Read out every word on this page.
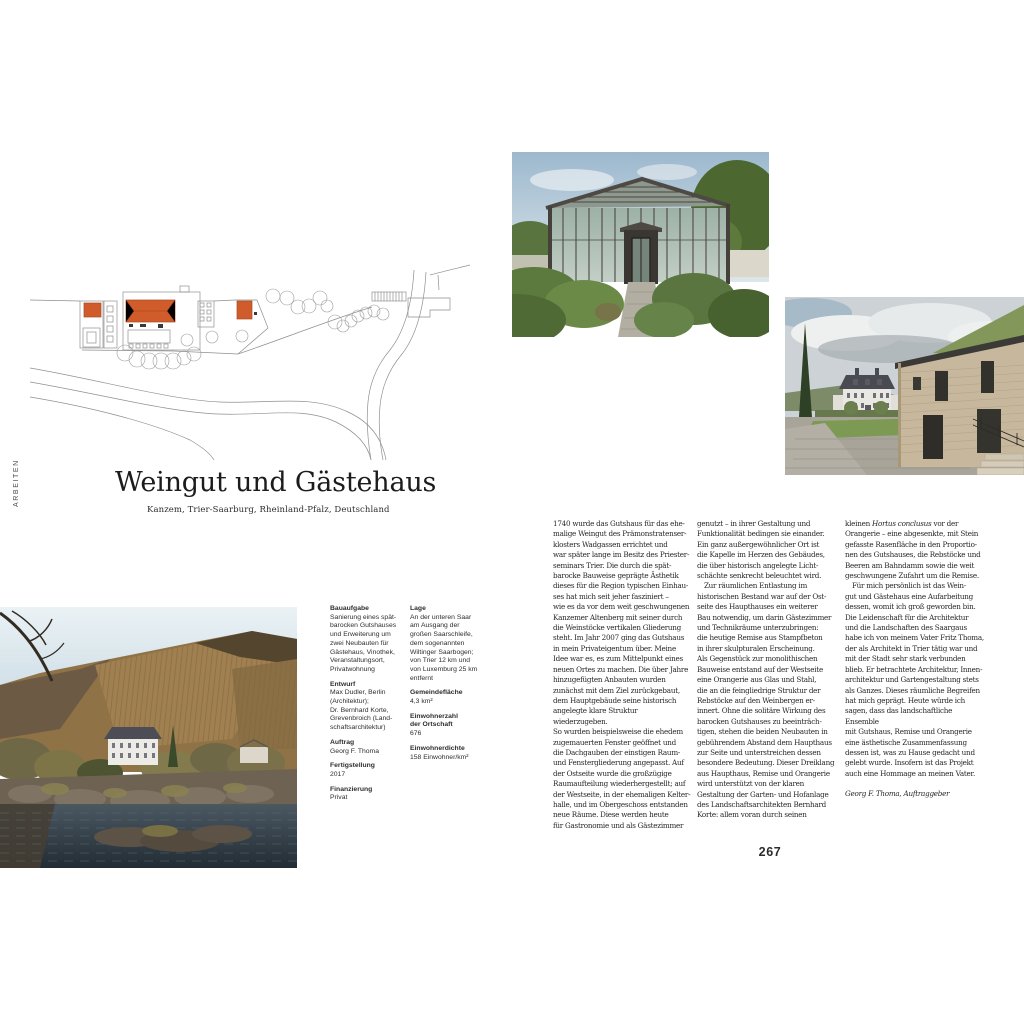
ARBEITEN	Weingut und Gästehaus
Kanzem, Trier-Saarburg, Rheinland-Pfalz, Deutschland
Bauaufgabe
Sanierung eines spät-
barocken Gutshauses
und Erweiterung um
zwei Neubauten für
Gästehaus, Vinothek,
Veranstaltungsort,
Privatwohnung
Entwurf
Max Dudler, Berlin
(Architektur);
Dr. Bernhard Korte,
Grevenbroich (Land-
schaftsarchitektur)
Auftrag
Georg F. Thoma
Fertigstellung
2017
Finanzierung
Privat
Lage
An der unteren Saar
am Ausgang der
großen Saarschleife,
dem sogenannten
Wiltinger Saarbogen;
von Trier 12 km und
von Luxemburg 25 km
entfernt
Gemeindefläche
4,3 km²
Einwohnerzahl
der Ortschaft
676
Einwohnerdichte
158 Einwohner/km²
1740 wurde das Gutshaus für das ehe-
malige Weingut des Prämonstratenser-
klosters Wadgassen errichtet und
war später lange im Besitz des Priester-
seminars Trier. Die durch die spät-
barocke Bauweise geprägte Ästhetik
dieses für die Region typischen Einhau-
ses hat mich seit jeher fasziniert –
wie es da vor dem weit geschwungenen
Kanzemer Altenberg mit seiner durch
die Weinstöcke vertikalen Gliederung
steht. Im Jahr 2007 ging das Gutshaus
in mein Privateigentum über. Meine
Idee war es, es zum Mittelpunkt eines
neuen Ortes zu machen. Die über Jahre
hinzugefügten Anbauten wurden
zunächst mit dem Ziel zurückgebaut,
dem Hauptgebäude seine historisch
angelegte klare Struktur wiederzugeben.
So wurden beispielsweise die ehedem
zugemauerten Fenster geöffnet und
die Dachgauben der einstigen Raum-
und Fenstergliederung angepasst. Auf
der Ostseite wurde die großzügige
Raumaufteilung wiederhergestellt; auf
der Westseite, in der ehemaligen Kelter-
halle, und im Obergeschoss entstanden
neue Räume. Diese werden heute
für Gastronomie und als Gästezimmer
genutzt – in ihrer Gestaltung und
Funktionalität bedingen sie einander.
Ein ganz außergewöhnlicher Ort ist
die Kapelle im Herzen des Gebäudes,
die über historisch angelegte Licht-
schächte senkrecht beleuchtet wird.
 Zur räumlichen Entlastung im
historischen Bestand war auf der Ost-
seite des Haupthauses ein weiterer
Bau notwendig, um darin Gästezimmer
und Technikräume unterzubringen:
die heutige Remise aus Stampfbeton
in ihrer skulpturalen Erscheinung.
Als Gegenstück zur monolithischen
Bauweise entstand auf der Westseite
eine Orangerie aus Glas und Stahl,
die an die feingliedrige Struktur der
Rebstöcke auf den Weinbergen er-
innert. Ohne die solitäre Wirkung des
barocken Gutshauses zu beeinträch-
tigen, stehen die beiden Neubauten in
gebührendem Abstand dem Haupthaus
zur Seite und unterstreichen dessen
besondere Bedeutung. Dieser Dreiklang
aus Haupthaus, Remise und Orangerie
wird unterstützt von der klaren
Gestaltung der Garten- und Hofanlage
des Landschaftsarchitekten Bernhard
Korte: allem voran durch seinen
kleinen Hortus conclusus vor der
Orangerie – eine abgesenkte, mit Stein
gefasste Rasenfläche in den Proportio-
nen des Gutshauses, die Rebstöcke und
Beeren am Bahndamm sowie die weit
geschwungene Zufahrt um die Remise.
 Für mich persönlich ist das Wein-
gut und Gästehaus eine Aufarbeitung
dessen, womit ich groß geworden bin.
Die Leidenschaft für die Architektur
und die Landschaften des Saargaus
habe ich von meinem Vater Fritz Thoma,
der als Architekt in Trier tätig war und
mit der Stadt sehr stark verbunden
blieb. Er betrachtete Architektur, Innen-
architektur und Gartengestaltung stets
als Ganzes. Dieses räumliche Begreifen
hat mich geprägt. Heute würde ich
sagen, dass das landschaftliche Ensemble
mit Gutshaus, Remise und Orangerie
eine ästhetische Zusammenfassung
dessen ist, was zu Hause gedacht und
gelebt wurde. Insofern ist das Projekt
auch eine Hommage an meinen Vater.
Georg F. Thoma, Auftraggeber
267
